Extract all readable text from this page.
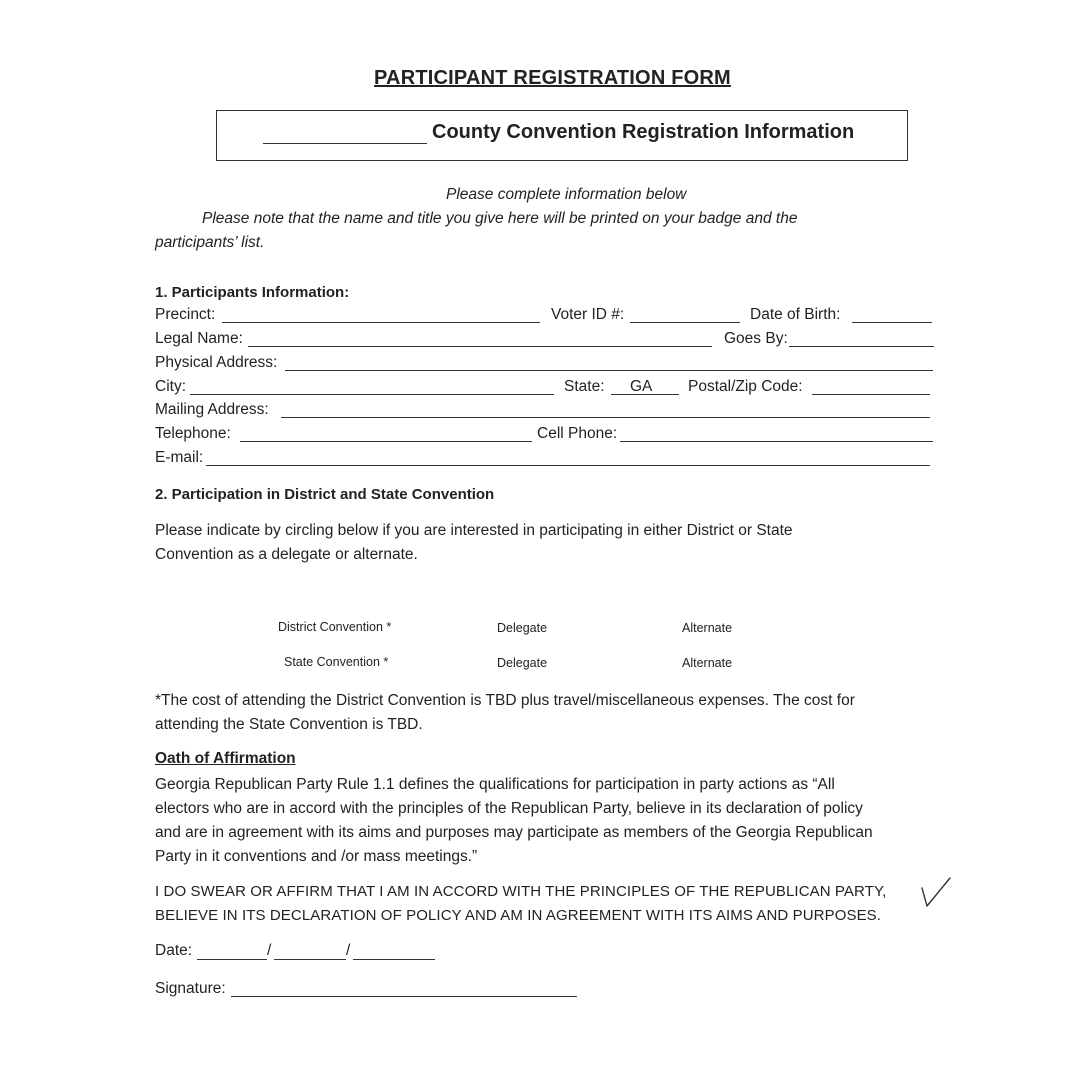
PARTICIPANT REGISTRATION FORM
County Convention Registration Information
Please complete information below
Please note that the name and title you give here will be printed on your badge and the
participants’ list.
1. Participants Information:
Precinct:	Voter ID #:	Date of Birth:
Legal Name:	Goes By:
Physical Address:
City:	State: GA Postal/Zip Code:
Mailing Address:
Telephone:	Cell Phone:
E-mail:
2. Participation in District and State Convention
Please indicate by circling below if you are interested in participating in either District or State
Convention as a delegate or alternate.
District Convention *	Delegate	Alternate
State Convention *	Delegate	Alternate
*The cost of attending the District Convention is TBD plus travel/miscellaneous expenses. The cost for
attending the State Convention is TBD.
Oath of Affirmation
Georgia Republican Party Rule 1.1 defines the qualifications for participation in party actions as “All
electors who are in accord with the principles of the Republican Party, believe in its declaration of policy
and are in agreement with its aims and purposes may participate as members of the Georgia Republican
Party in it conventions and /or mass meetings.”
I DO SWEAR OR AFFIRM THAT I AM IN ACCORD WITH THE PRINCIPLES OF THE REPUBLICAN PARTY,
BELIEVE IN ITS DECLARATION OF POLICY AND AM IN AGREEMENT WITH ITS AIMS AND PURPOSES.
Date:	/	/
Signature:
